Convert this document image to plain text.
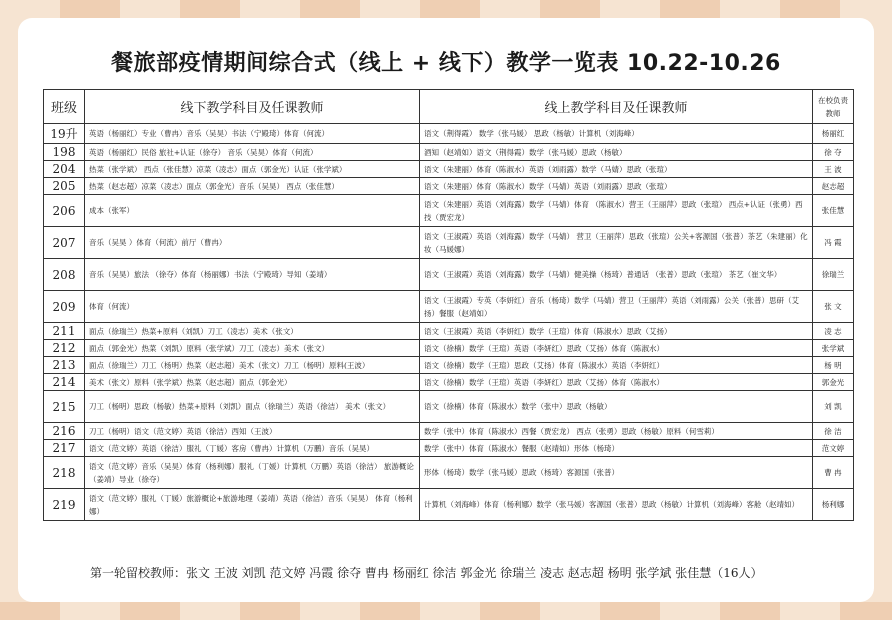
餐旅部疫情期间综合式（线上 + 线下）教学一览表 10.22-10.26
班级	线下教学科目及任课教师	线上教学科目及任课教师	在校负责教师
19升	英语（杨丽红）专业（曹冉）音乐（吴昊）书法（宁殿琦）体育（何流）	语文（荆得霞） 数学（张马媛） 思政（杨敏）计算机（刘海峰）	杨丽红
198	英语（杨丽红）民俗 旅社+认证（徐夺） 音乐（吴昊）体育（何流）	酒知（赵靖如）语文（荆得霞）数学（张马媛）思政（杨敏）	徐 夺
204	热菜（张学斌） 西点（张佳慧）凉菜（凌志）面点（郭金光）认证（张学斌）	语文（朱建丽）体育（陈淑水）英语（刘雨露）数学（马婧）思政（张瑄）	王 波
205	热菜（赵志超）凉菜（凌志）面点（郭金光）音乐（吴昊） 西点（张佳慧）	语文（朱建丽）体育（陈淑水）数学（马婧）英语（刘雨露）思政（张瑄）	赵志超
206	成本（张军）	语文（朱建丽）英语（刘海露）数学（马婧）体育 （陈淑水）营王（王丽萍）思政（张瑄） 西点+认证（张勇）西技（贾宏龙）	张佳慧
207	音乐（吴昊 ）体育（何流）前厅（曹冉）	语文（王淑霞）英语（刘海露）数学（马婧） 营卫（王丽萍）思政（张瑄）公关+客源国（张普）茶艺（朱建丽）化妆（马媛娜）	冯 霞
208	音乐（吴昊）旅法 （徐夺）体育（杨丽娜）书法（宁殿琦）导知（姜靖）	语文（王淑霞）英语（刘海露）数学（马婧）健美操（杨琦）普通话 （张普）思政（张瑄） 茶艺（崔文华）	徐瑞兰
209	体育（何流）	语文（王淑霞）专英（李妍红）音乐（杨琦）数学（马婧）营卫（王丽萍）英语（刘雨露）公关（张普）思研（艾扬）餐服（赵靖如）	张 文
211	面点（徐瑞兰）热菜+原料（刘凯）刀工（凌志）美术（张文）	语文（王淑霞）英语（李妍红）数学（王瑄）体育（陈淑水）思政（艾扬）	凌 志
212	面点（郭金光）热菜（刘凯）原料（张学斌）刀工（凌志）美术（张文）	语文（徐楠）数学（王瑄）英语（李妍红）思政（艾扬）体育（陈淑水）	张学斌
213	面点（徐瑞兰）刀工（杨明）热菜（赵志超）美术（张文）刀工（杨明）原料(王波）	语文（徐楠）数学（王瑄）思政（艾扬）体育（陈淑水）英语（李妍红）	杨 明
214	美术（张文）原料（张学斌）热菜（赵志超）面点（郭金光）	语文（徐楠）数学（王瑄）英语（李妍红）思政（艾扬）体育（陈淑水）	郭金光
215	刀工（杨明）思政（杨敏）热菜+原料（刘凯）面点（徐瑞兰）英语（徐洁） 美术（张文）	语文（徐楠）体育（陈淑水）数学（张中）思政（杨敏）	刘 凯
216	刀工（杨明）语文（范文婷）英语（徐洁）西知（王波）	数学（张中）体育（陈淑水）西餐（贾宏龙） 西点（张勇）思政（杨敏）原料（何雪莉）	徐 洁
217	语文（范文婷）英语（徐洁）服礼（丁媛）客房（曹冉）计算机（万鹏）音乐（吴昊）	数学（张中）体育（陈淑水）餐服（赵靖如）形体（杨琦）	范文婷
218	语文（范文婷）音乐（吴昊）体育（杨利娜）服礼（丁媛）计算机（万鹏）英语（徐洁） 旅游概论（姜靖）导业（徐夺）	形体（杨琦）数学（张马媛）思政（杨琦）客源国（张普）	曹 冉
219	语文（范文婷）服礼（丁媛）旅游概论+旅游地理（姜靖）英语（徐洁）音乐（吴昊） 体育（杨利娜）	计算机（刘海峰）体育（杨利娜）数学（张马媛）客源国（张普）思政（杨敏）计算机（刘海峰）客舱（赵靖如）	杨利娜
第一轮留校教师：张文 王波 刘凯 范文婷 冯霞 徐夺 曹冉 杨丽红 徐洁 郭金光 徐瑞兰 凌志 赵志超 杨明 张学斌 张佳慧（16人）
